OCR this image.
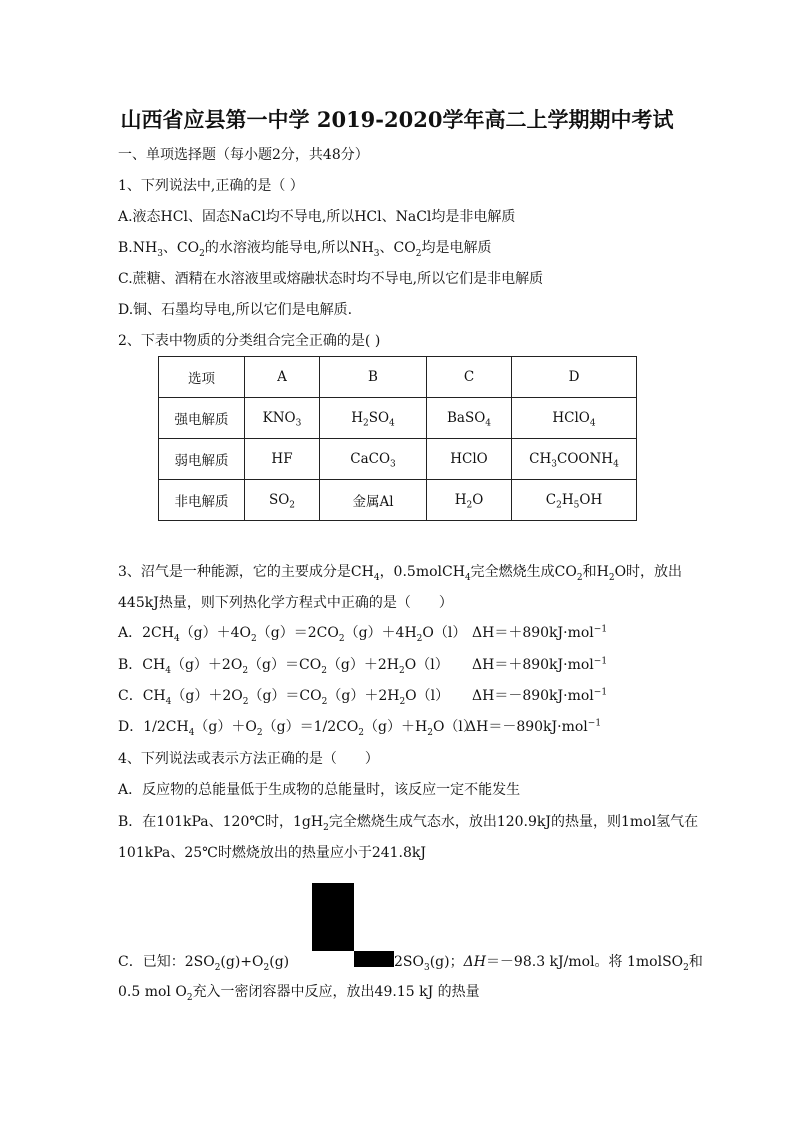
山西省应县第一中学 2019-2020学年高二上学期期中考试
一、单项选择题（每小题2分，共48分）
1、下列说法中,正确的是（ ）
A.液态HCl、固态NaCl均不导电,所以HCl、NaCl均是非电解质
$B.NH_3$、$CO_2$的水溶液均能导电,所以$NH_3$、$CO_2$均是电解质
C.蔗糖、酒精在水溶液里或熔融状态时均不导电,所以它们是非电解质
D.铜、石墨均导电,所以它们是电解质.
2、下表中物质的分类组合完全正确的是( )
选项	A	B	C	D
强电解质	$KNO_3$	$H_2SO_4$	BaSO$_4$	HClO$_4$
弱电解质	HF	CaCO$_3$	HClO	$CH_3COONH_4$
非电解质	$SO_2$	金属Al	$H_2O$	$C_2H_5OH$
3、沼气是一种能源，它的主要成分是$CH_4$，0.5molCH$_4$完全燃烧生成$CO_2$和$H_2O$时，放出
445kJ热量，则下列热化学方程式中正确的是（　　）
A．$2CH_4(g)+4O_2(g)=2CO_2(g)+4H_2O(l)$ ΔH＝＋890kJ·mol$^{-1}$
B．$CH_4(g)+2O_2(g)=CO_2(g)+2H_2O(l)$ ΔH＝＋890kJ·mol$^{-1}$
C．$CH_4(g)+2O_2(g)=CO_2(g)+2H_2O(l)$ ΔH＝－890kJ·mol$^{-1}$
D．$1/2CH_4(g)+O_2(g)=1/2CO_2(g)+H_2O(l)$
ΔH＝－890kJ·mol$^{-1}$
4、下列说法或表示方法正确的是（　　）
A．反应物的总能量低于生成物的总能量时，该反应一定不能发生
B．在101kPa、120℃时，$1gH_2$完全燃烧生成气态水，放出120.9kJ的热量，则1mol氢气在
101kPa、25℃时燃烧放出的热量应小于241.8kJ
C．已知：$2SO_2(g)+O_2(g)$	$2SO_3(g)$；ΔH＝－98.3 kJ/mol。将 1molSO$_2$和
0.5 mol $O_2$充入一密闭容器中反应，放出49.15 kJ 的热量
